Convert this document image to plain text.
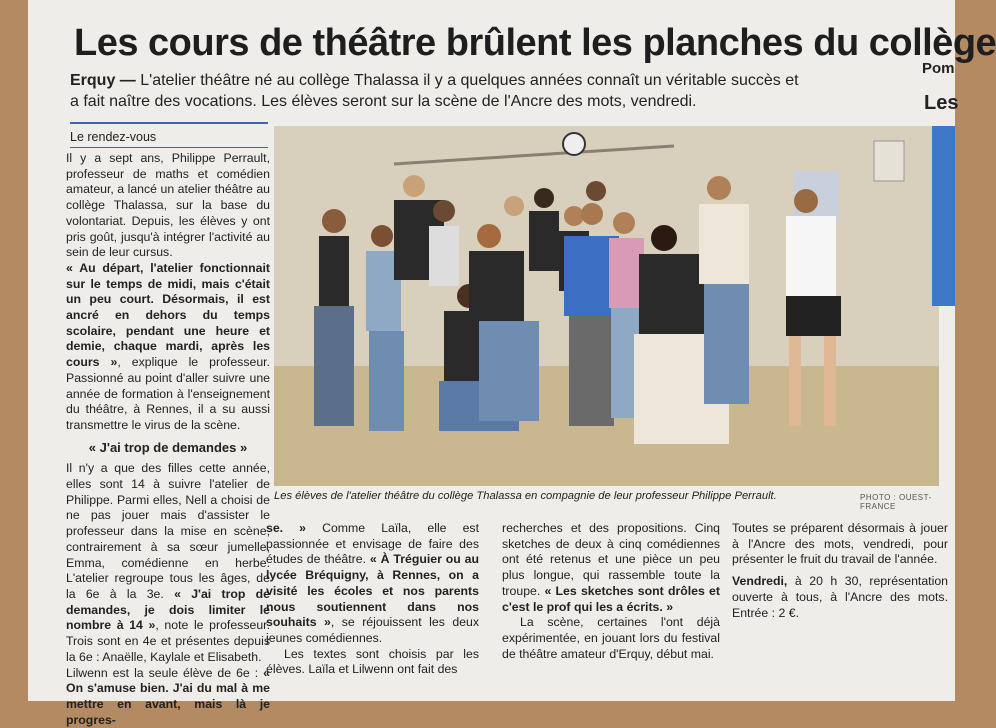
Les cours de théâtre brûlent les planches du collège
Erquy — L'atelier théâtre né au collège Thalassa il y a quelques années connaît un véritable succès et a fait naître des vocations. Les élèves seront sur la scène de l'Ancre des mots, vendredi.
Pom
Les
Le rendez-vous

Il y a sept ans, Philippe Perrault, professeur de maths et comédien amateur, a lancé un atelier théâtre au collège Thalassa, sur la base du volontariat. Depuis, les élèves y ont pris goût, jusqu'à intégrer l'activité au sein de leur cursus.

« Au départ, l'atelier fonctionnait sur le temps de midi, mais c'était un peu court. Désormais, il est ancré en dehors du temps scolaire, pendant une heure et demie, chaque mardi, après les cours », explique le professeur. Passionné au point d'aller suivre une année de formation à l'enseignement du théâtre, à Rennes, il a su aussi transmettre le virus de la scène.

« J'ai trop de demandes »

Il n'y a que des filles cette année, elles sont 14 à suivre l'atelier de Philippe. Parmi elles, Nell a choisi de ne pas jouer mais d'assister le professeur dans la mise en scène, contrairement à sa sœur jumelle, Emma, comédienne en herbe. L'atelier regroupe tous les âges, de la 6e à la 3e. « J'ai trop de demandes, je dois limiter le nombre à 14 », note le professeur. Trois sont en 4e et présentes depuis la 6e : Anaëlle, Kaylale et Elisabeth.

Lilwenn est la seule élève de 6e : « On s'amuse bien. J'ai du mal à me mettre en avant, mais là je progres-

Les élèves de l'atelier théâtre du collège Thalassa en compagnie de leur professeur Philippe Perrault.	PHOTO : OUEST-FRANCE

se. » Comme Laïla, elle est passionnée et envisage de faire des études de théâtre. « À Tréguier ou au lycée Bréquigny, à Rennes, on a visité les écoles et nos parents nous soutiennent dans nos souhaits », se réjouissent les deux jeunes comédiennes.

Les textes sont choisis par les élèves. Laïla et Lilwenn ont fait des

recherches et des propositions. Cinq sketches de deux à cinq comédiennes ont été retenus et une pièce un peu plus longue, qui rassemble toute la troupe. « Les sketches sont drôles et c'est le prof qui les a écrits. »

La scène, certaines l'ont déjà expérimentée, en jouant lors du festival de théâtre amateur d'Erquy, début mai.

Toutes se préparent désormais à jouer à l'Ancre des mots, vendredi, pour présenter le fruit du travail de l'année.

Vendredi, à 20 h 30, représentation ouverte à tous, à l'Ancre des mots. Entrée : 2 €.
